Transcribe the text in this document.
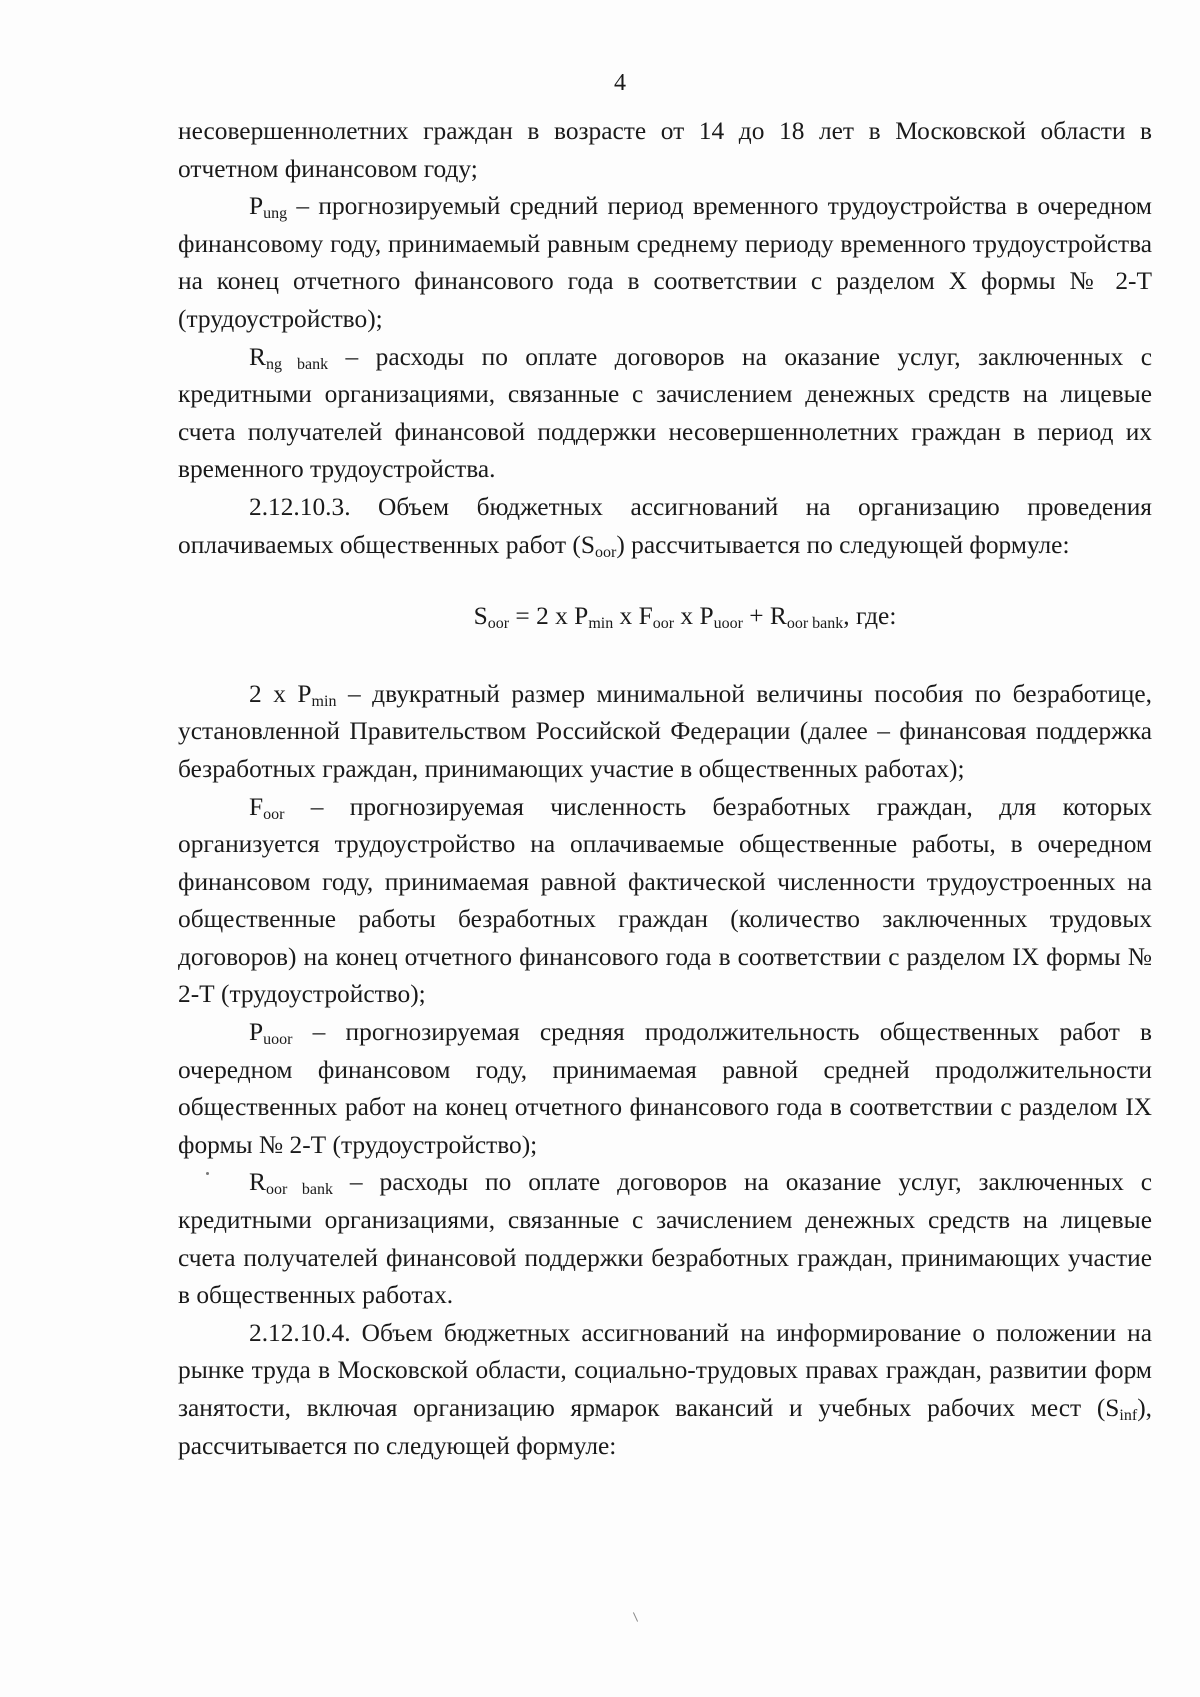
4

несовершеннолетних граждан в возрасте от 14 до 18 лет в Московской области в отчетном финансовом году;

$P_{ung}$ – прогнозируемый средний период временного трудоустройства в очередном финансовому году, принимаемый равным среднему периоду временного трудоустройства на конец отчетного финансового года в соответствии с разделом X формы № 2-Т (трудоустройство);

$R_{ng bank}$ – расходы по оплате договоров на оказание услуг, заключенных с кредитными организациями, связанные с зачислением денежных средств на лицевые счета получателей финансовой поддержки несовершеннолетних граждан в период их временного трудоустройства.

2.12.10.3. Объем бюджетных ассигнований на организацию проведения оплачиваемых общественных работ $(S_{oor})$ рассчитывается по следующей формуле:

$S_{oor} = 2$ x $P_{min}$ x $F_{oor}$ x $P_{uoor} + R_{oor bank}$, где:

2 x $P_{min}$ – двукратный размер минимальной величины пособия по безработице, установленной Правительством Российской Федерации (далее – финансовая поддержка безработных граждан, принимающих участие в общественных работах);

$F_{oor}$ – прогнозируемая численность безработных граждан, для которых организуется трудоустройство на оплачиваемые общественные работы, в очередном финансовом году, принимаемая равной фактической численности трудоустроенных на общественные работы безработных граждан (количество заключенных трудовых договоров) на конец отчетного финансового года в соответствии с разделом IX формы № 2-Т (трудоустройство);

$P_{uoor}$ – прогнозируемая средняя продолжительность общественных работ в очередном финансовом году, принимаемая равной средней продолжительности общественных работ на конец отчетного финансового года в соответствии с разделом IX формы № 2-Т (трудоустройство);

$R_{oor bank}$ – расходы по оплате договоров на оказание услуг, заключенных с кредитными организациями, связанные с зачислением денежных средств на лицевые счета получателей финансовой поддержки безработных граждан, принимающих участие в общественных работах.

2.12.10.4. Объем бюджетных ассигнований на информирование о положении на рынке труда в Московской области, социально-трудовых правах граждан, развитии форм занятости, включая организацию ярмарок вакансий и учебных рабочих мест $(S_{inf})$, рассчитывается по следующей формуле:
